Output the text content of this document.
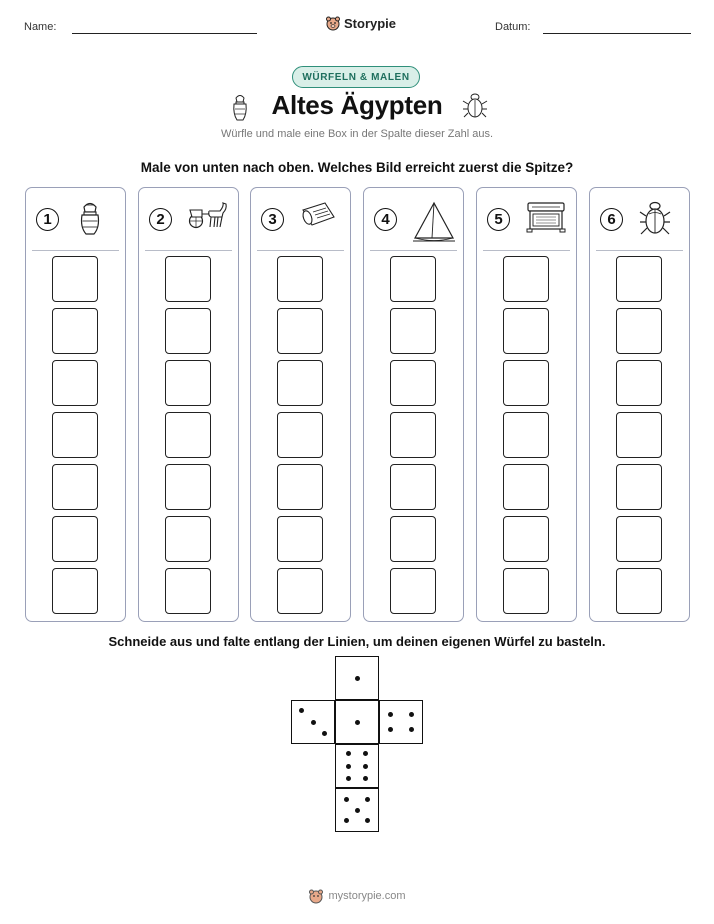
Name:	Storypie	Datum:
WÜRFELN & MALEN
Altes Ägypten
Würfle und male eine Box in der Spalte dieser Zahl aus.
Male von unten nach oben. Welches Bild erreicht zuerst die Spitze?
1	2	3	4	5	6
Schneide aus und falte entlang der Linien, um deinen eigenen Würfel zu basteln.
mystorypie.com
